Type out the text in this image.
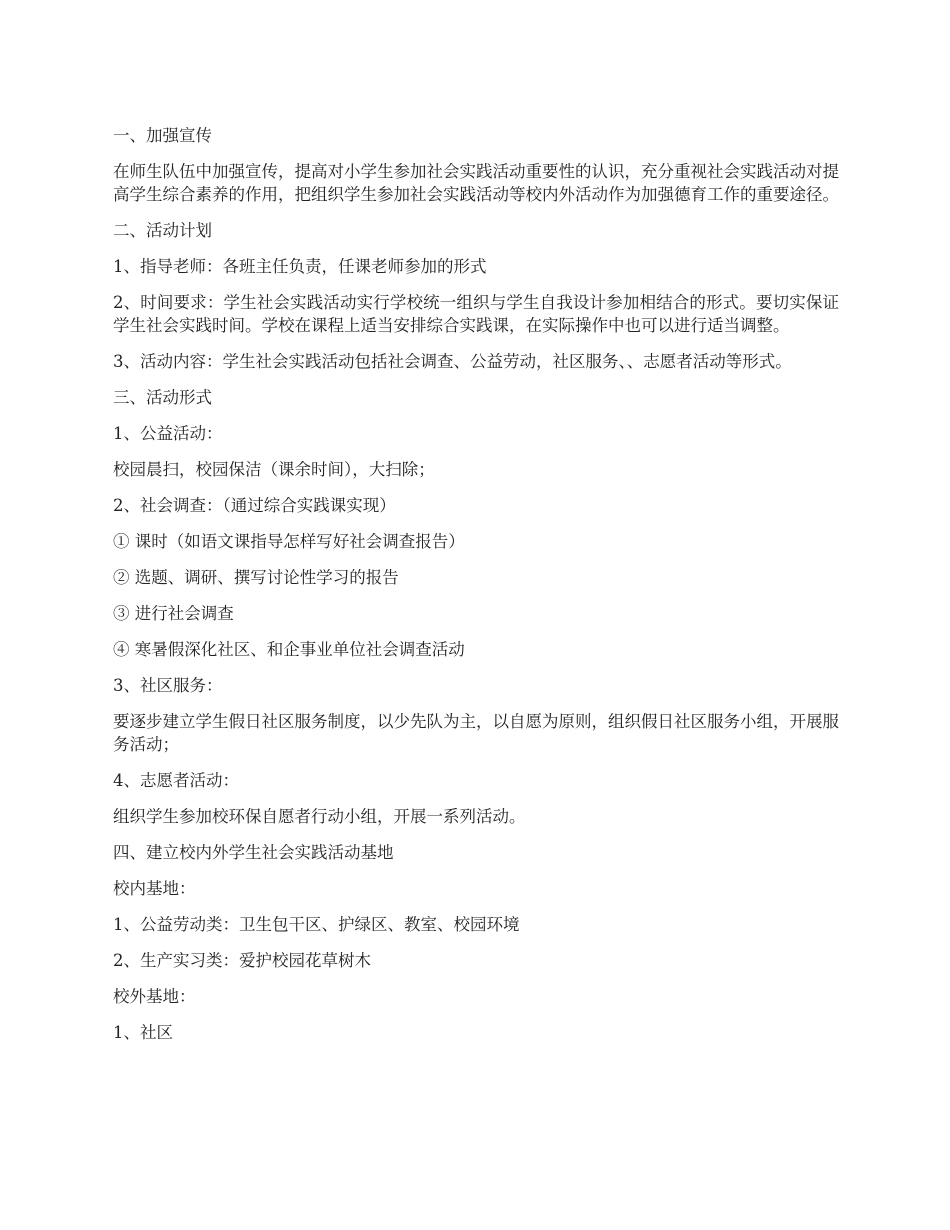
一、加强宣传

在师生队伍中加强宣传，提高对小学生参加社会实践活动重要性的认识，充分重视社会实践活动对提高学生综合素养的作用，把组织学生参加社会实践活动等校内外活动作为加强德育工作的重要途径。

二、活动计划

1、指导老师：各班主任负责，任课老师参加的形式

2、时间要求：学生社会实践活动实行学校统一组织与学生自我设计参加相结合的形式。要切实保证学生社会实践时间。学校在课程上适当安排综合实践课，在实际操作中也可以进行适当调整。

3、活动内容：学生社会实践活动包括社会调查、公益劳动，社区服务、、志愿者活动等形式。

三、活动形式

1、公益活动：

校园晨扫，校园保洁（课余时间），大扫除；

2、社会调查：（通过综合实践课实现）

① 课时（如语文课指导怎样写好社会调查报告）

② 选题、调研、撰写讨论性学习的报告

③ 进行社会调查

④ 寒暑假深化社区、和企事业单位社会调查活动

3、社区服务：

要逐步建立学生假日社区服务制度，以少先队为主，以自愿为原则，组织假日社区服务小组，开展服务活动；

4、志愿者活动：

组织学生参加校环保自愿者行动小组，开展一系列活动。

四、建立校内外学生社会实践活动基地

校内基地：

1、公益劳动类：卫生包干区、护绿区、教室、校园环境

2、生产实习类：爱护校园花草树木

校外基地：

1、社区
